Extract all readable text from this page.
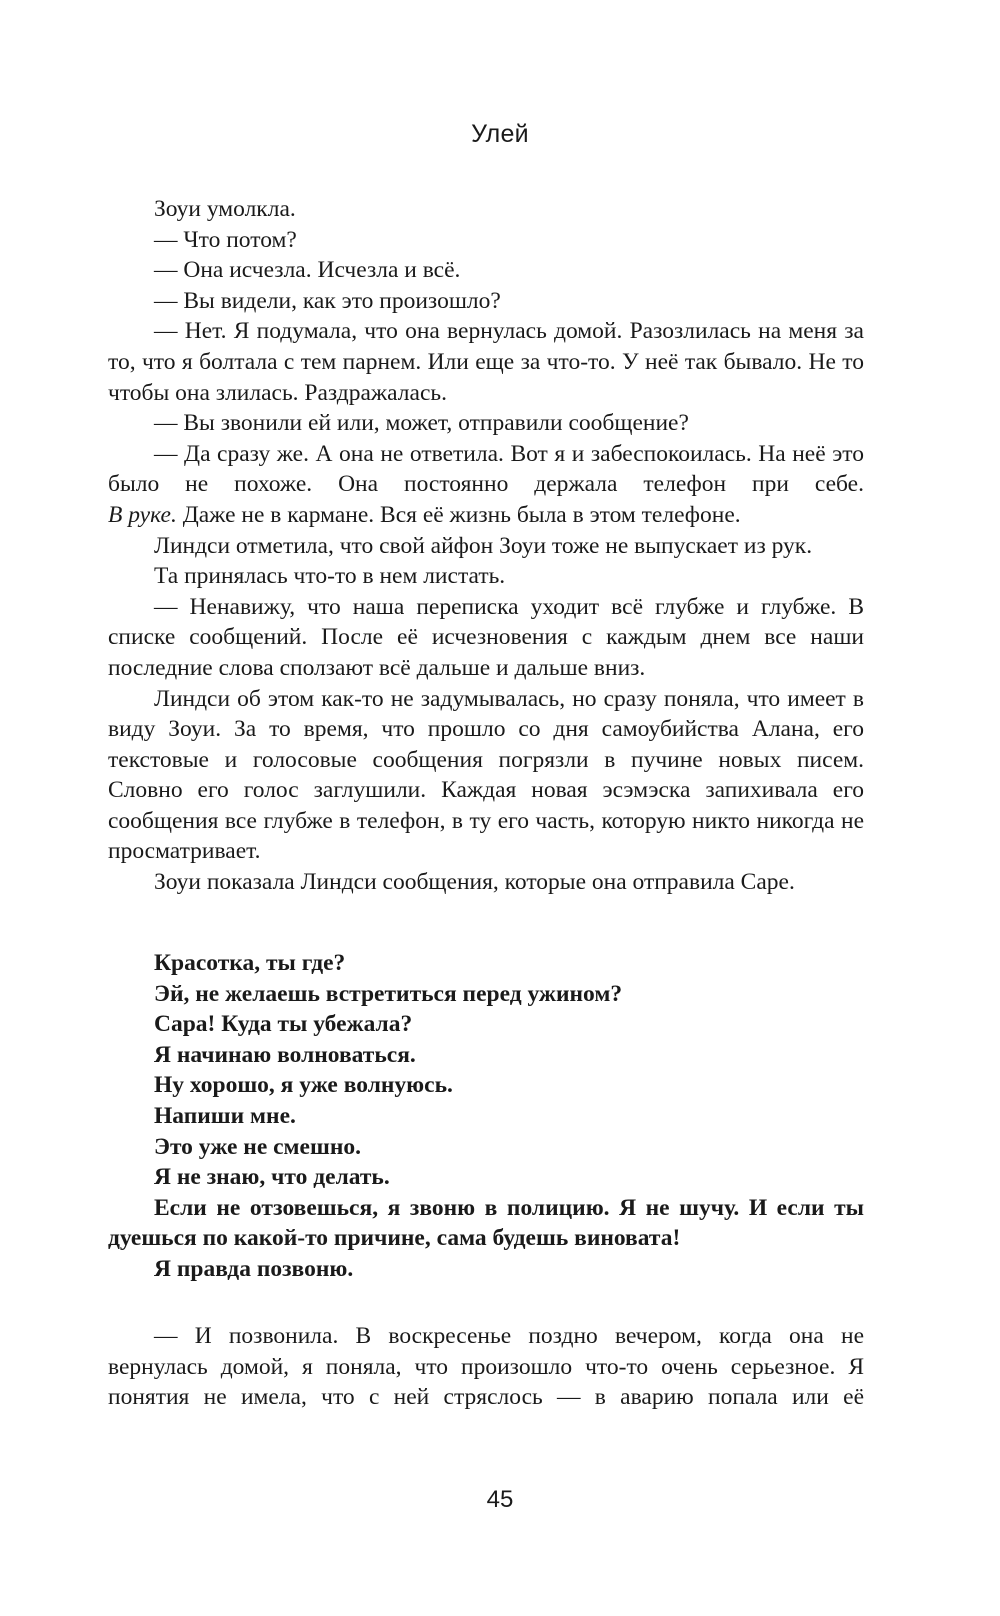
Улей

Зоуи умолкла.

— Что потом?

— Она исчезла. Исчезла и всё.

— Вы видели, как это произошло?

— Нет. Я подумала, что она вернулась домой. Разозлилась на меня за то, что я болтала с тем парнем. Или еще за что-то. У неё так бывало. Не то чтобы она злилась. Раздражалась.

— Вы звонили ей или, может, отправили сообщение?

— Да сразу же. А она не ответила. Вот я и забеспокоилась. На неё это было не похоже. Она постоянно держала телефон при себе.

В руке. Даже не в кармане. Вся её жизнь была в этом телефоне.

Линдси отметила, что свой айфон Зоуи тоже не выпускает из рук.

Та принялась что-то в нем листать.

— Ненавижу, что наша переписка уходит всё глубже и глубже. В списке сообщений. После её исчезновения с каждым днем все наши последние слова сползают всё дальше и дальше вниз.

Линдси об этом как-то не задумывалась, но сразу поняла, что имеет в виду Зоуи. За то время, что прошло со дня самоубийства Алана, его текстовые и голосовые сообщения погрязли в пучине новых писем. Словно его голос заглушили. Каждая новая эсэмэска запихивала его сообщения все глубже в телефон, в ту его часть, которую никто никогда не просматривает.

Зоуи показала Линдси сообщения, которые она отправила Саре.

Красотка, ты где?

Эй, не желаешь встретиться перед ужином?

Сара! Куда ты убежала?

Я начинаю волноваться.

Ну хорошо, я уже волнуюсь.

Напиши мне.

Это уже не смешно.

Я не знаю, что делать.

Если не отзовешься, я звоню в полицию. Я не шучу. И если ты дуешься по какой-то причине, сама будешь виновата!

Я правда позвоню.

— И позвонила. В воскресенье поздно вечером, когда она не вернулась домой, я поняла, что произошло что-то очень серьезное. Я понятия не имела, что с ней стряслось — в аварию попала или её

45
